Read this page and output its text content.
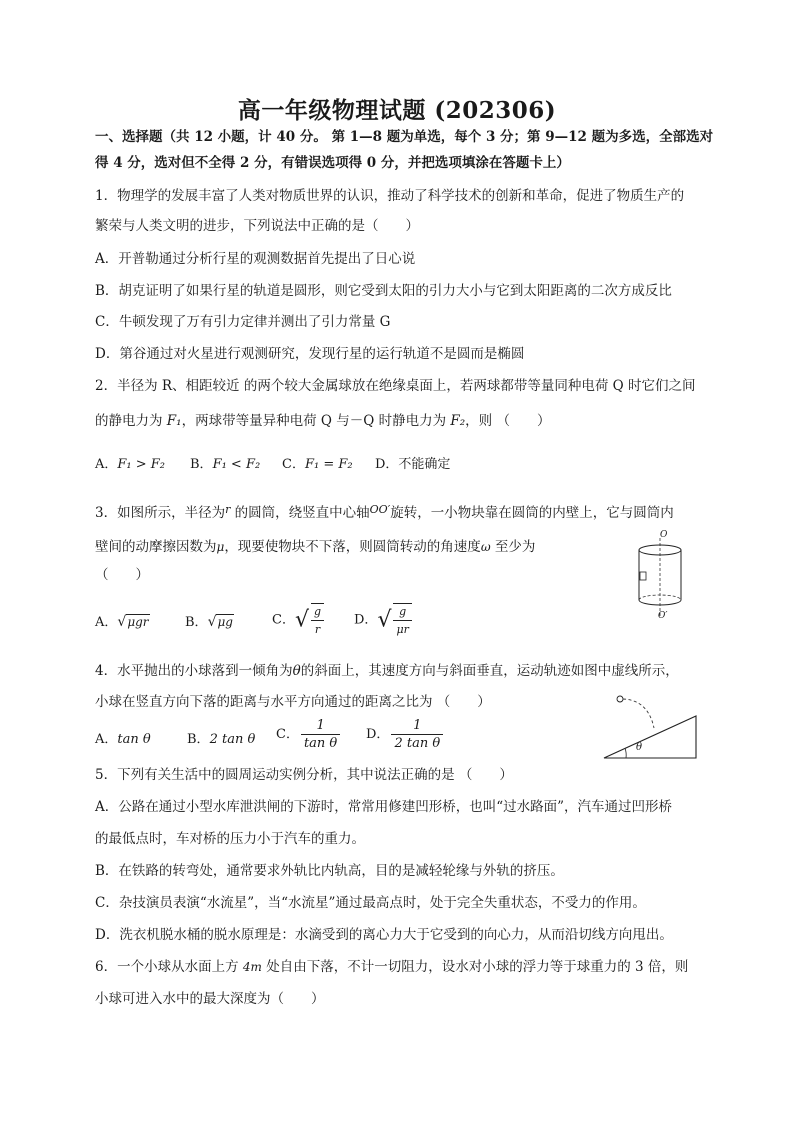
高一年级物理试题 (202306)
一、选择题（共 12 小题，计 40 分。 第 1—8 题为单选，每个 3 分；第 9—12 题为多选，全部选对
得 4 分，选对但不全得 2 分，有错误选项得 0 分，并把选项填涂在答题卡上）
1．物理学的发展丰富了人类对物质世界的认识，推动了科学技术的创新和革命，促进了物质生产的
繁荣与人类文明的进步，下列说法中正确的是（　　）
A．开普勒通过分析行星的观测数据首先提出了日心说
B．胡克证明了如果行星的轨道是圆形，则它受到太阳的引力大小与它到太阳距离的二次方成反比
C．牛顿发现了万有引力定律并测出了引力常量 G
D．第谷通过对火星进行观测研究，发现行星的运行轨道不是圆而是椭圆
2．半径为 R、相距较近 的两个较大金属球放在绝缘桌面上，若两球都带等量同种电荷 Q 时它们之间
的静电力为 F₁，两球带等量异种电荷 Q 与－Q 时静电力为 F₂，则 （　　）
A．F₁ > F₂ B．F₁ < F₂ C．F₁ = F₂ D．不能确定
3．如图所示，半径为$^r$ 的圆筒，绕竖直中心轴$^{OO'}$旋转，一小物块靠在圆筒的内壁上，它与圆筒内
壁间的动摩擦因数为μ，现要使物块不下落，则圆筒转动的角速度ω 至少为
（　　）
A．√μgr	B．√μg	C．√ $\frac{g}{r}$ D．√ $\frac{g}{\mu r}$
O
O′
4．水平抛出的小球落到一倾角为θ的斜面上，其速度方向与斜面垂直，运动轨迹如图中虚线所示，
小球在竖直方向下落的距离与水平方向通过的距离之比为 （　　）
A．tan θ	B．2 tan θ C． $\frac{1}{\text{tan θ}}$ D． $\frac{1}{\text{2 tan θ}}$	θ
5．下列有关生活中的圆周运动实例分析，其中说法正确的是 （　　）
A．公路在通过小型水库泄洪闸的下游时，常常用修建凹形桥，也叫“过水路面”，汽车通过凹形桥
的最低点时，车对桥的压力小于汽车的重力。
B．在铁路的转弯处，通常要求外轨比内轨高，目的是减轻轮缘与外轨的挤压。
C．杂技演员表演“水流星”，当“水流星”通过最高点时，处于完全失重状态，不受力的作用。
D．洗衣机脱水桶的脱水原理是：水滴受到的离心力大于它受到的向心力，从而沿切线方向甩出。
6．一个小球从水面上方 4m 处自由下落，不计一切阻力，设水对小球的浮力等于球重力的 3 倍，则
小球可进入水中的最大深度为（　　）
